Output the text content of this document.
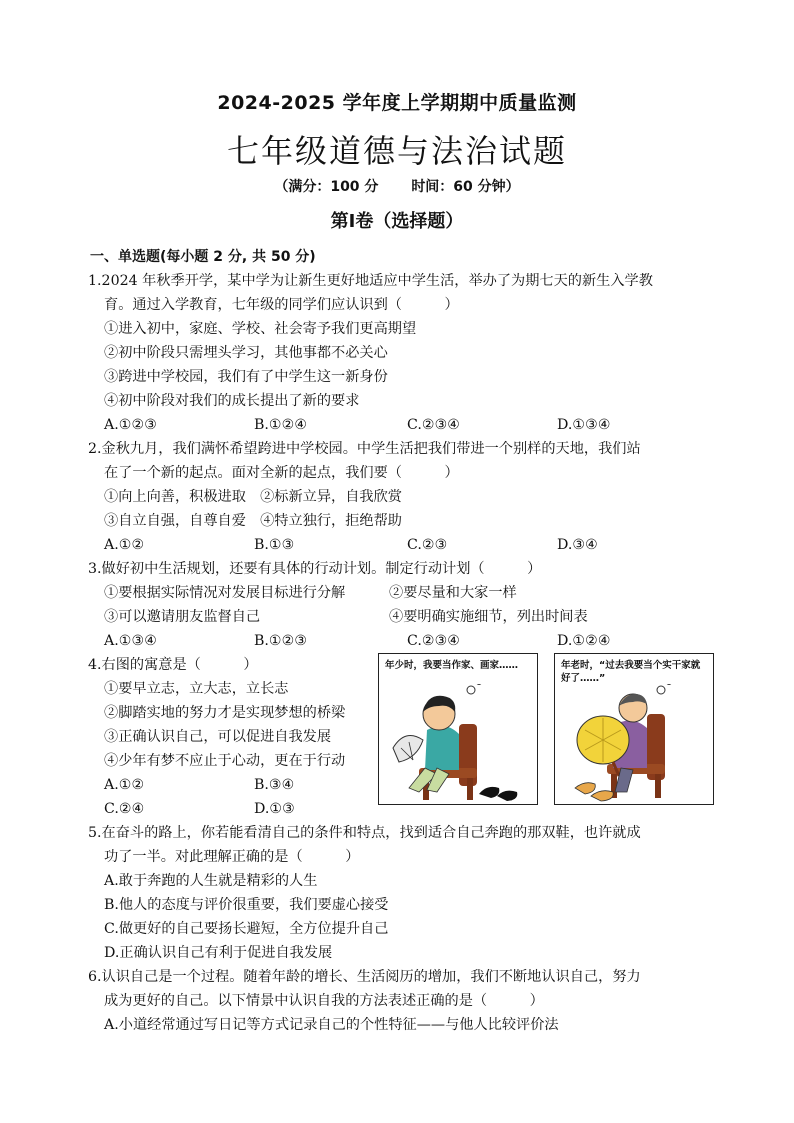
2024-2025 学年度上学期期中质量监测
七年级道德与法治试题
（满分：100 分 时间：60 分钟）
第Ⅰ卷（选择题）
一、单选题(每小题 2 分, 共 50 分)
1.2024 年秋季开学，某中学为让新生更好地适应中学生活，举办了为期七天的新生入学教
育。通过入学教育，七年级的同学们应认识到（　　　）
①进入初中，家庭、学校、社会寄予我们更高期望
②初中阶段只需埋头学习，其他事都不必关心
③跨进中学校园，我们有了中学生这一新身份
④初中阶段对我们的成长提出了新的要求
A.①②③	B.①②④	C.②③④	D.①③④
2.金秋九月，我们满怀希望跨进中学校园。中学生活把我们带进一个别样的天地，我们站
在了一个新的起点。面对全新的起点，我们要（　　　）
①向上向善，积极进取　②标新立异，自我欣赏
③自立自强，自尊自爱　④特立独行，拒绝帮助
A.①②	B.①③	C.②③	D.③④
3.做好初中生活规划，还要有具体的行动计划。制定行动计划（　　　）
①要根据实际情况对发展目标进行分解	②要尽量和大家一样
③可以邀请朋友监督自己	④要明确实施细节，列出时间表
A.①③④	B.①②③	C.②③④	D.①②④
4.右图的寓意是（　　　）
①要早立志，立大志，立长志
②脚踏实地的努力才是实现梦想的桥梁
③正确认识自己，可以促进自我发展
④少年有梦不应止于心动，更在于行动
A.①②	B.③④
C.②④	D.①③
年少时，我要当作家、画家……	年老时，“过去我要当个实干家就好了……”
5.在奋斗的路上，你若能看清自己的条件和特点，找到适合自己奔跑的那双鞋，也许就成
功了一半。对此理解正确的是（　　　）
A.敢于奔跑的人生就是精彩的人生
B.他人的态度与评价很重要，我们要虚心接受
C.做更好的自己要扬长避短，全方位提升自己
D.正确认识自己有利于促进自我发展
6.认识自己是一个过程。随着年龄的增长、生活阅历的增加，我们不断地认识自己，努力
成为更好的自己。以下情景中认识自我的方法表述正确的是（　　　）
A.小道经常通过写日记等方式记录自己的个性特征——与他人比较评价法
